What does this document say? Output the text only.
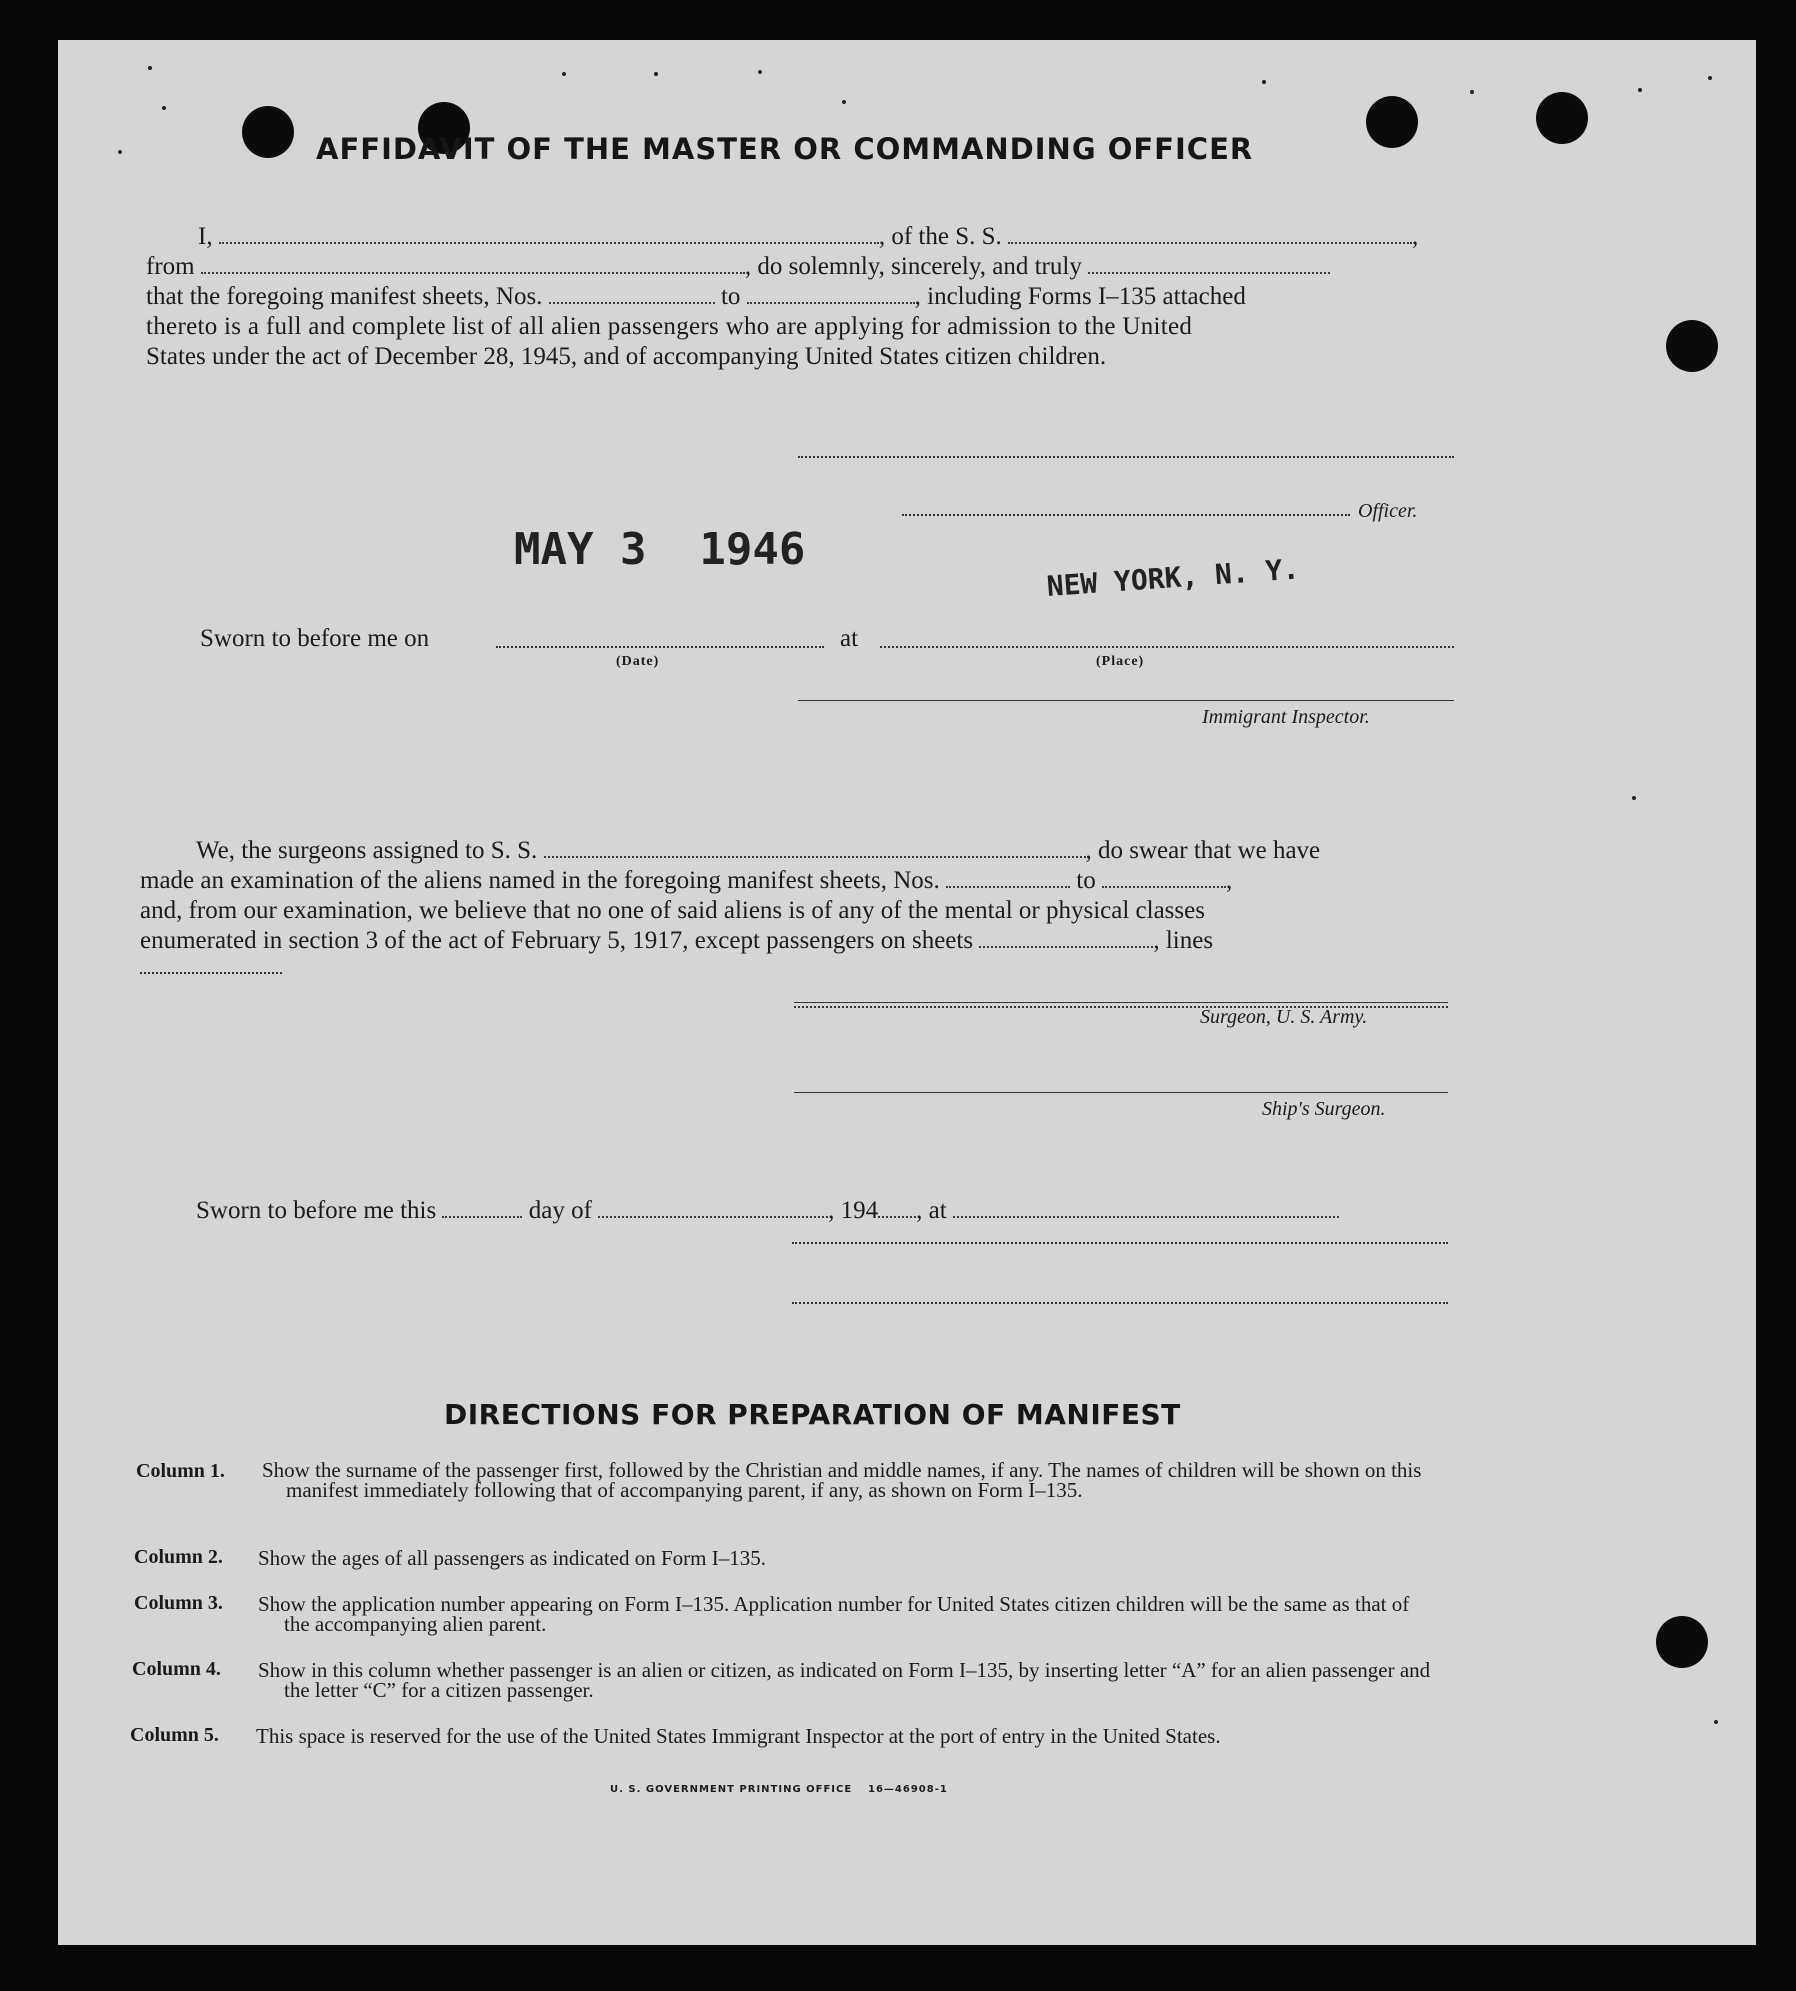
AFFIDAVIT OF THE MASTER OR COMMANDING OFFICER
I,	, of the S. S.	,
from	, do solemnly, sincerely, and truly
that the foregoing manifest sheets, Nos.	to	, including Forms I–135 attached
thereto is a full and complete list of all alien passengers who are applying for admission to the United
States under the act of December 28, 1945, and of accompanying United States citizen children.
Officer.
MAY 3  1946
NEW YORK, N. Y.
Sworn to before me on	at
(Date)	(Place)
Immigrant Inspector.
We, the surgeons assigned to S. S.	, do swear that we have
made an examination of the aliens named in the foregoing manifest sheets, Nos.	to	,
and, from our examination, we believe that no one of said aliens is of any of the mental or physical classes
enumerated in section 3 of the act of February 5, 1917, except passengers on sheets	, lines
Surgeon, U. S. Army.
Ship's Surgeon.
Sworn to before me this	day of	, 194 , at
DIRECTIONS FOR PREPARATION OF MANIFEST
Column 1. Show the surname of the passenger first, followed by the Christian and middle names, if any. The names of children will be shown on this manifest immediately following that of accompanying parent, if any, as shown on Form I–135.
Column 2. Show the ages of all passengers as indicated on Form I–135.
Column 3. Show the application number appearing on Form I–135. Application number for United States citizen children will be the same as that of the accompanying alien parent.
Column 4. Show in this column whether passenger is an alien or citizen, as indicated on Form I–135, by inserting letter “A” for an alien passenger and the letter “C” for a citizen passenger.
Column 5. This space is reserved for the use of the United States Immigrant Inspector at the port of entry in the United States.
U. S. GOVERNMENT PRINTING OFFICE 16—46908-1
